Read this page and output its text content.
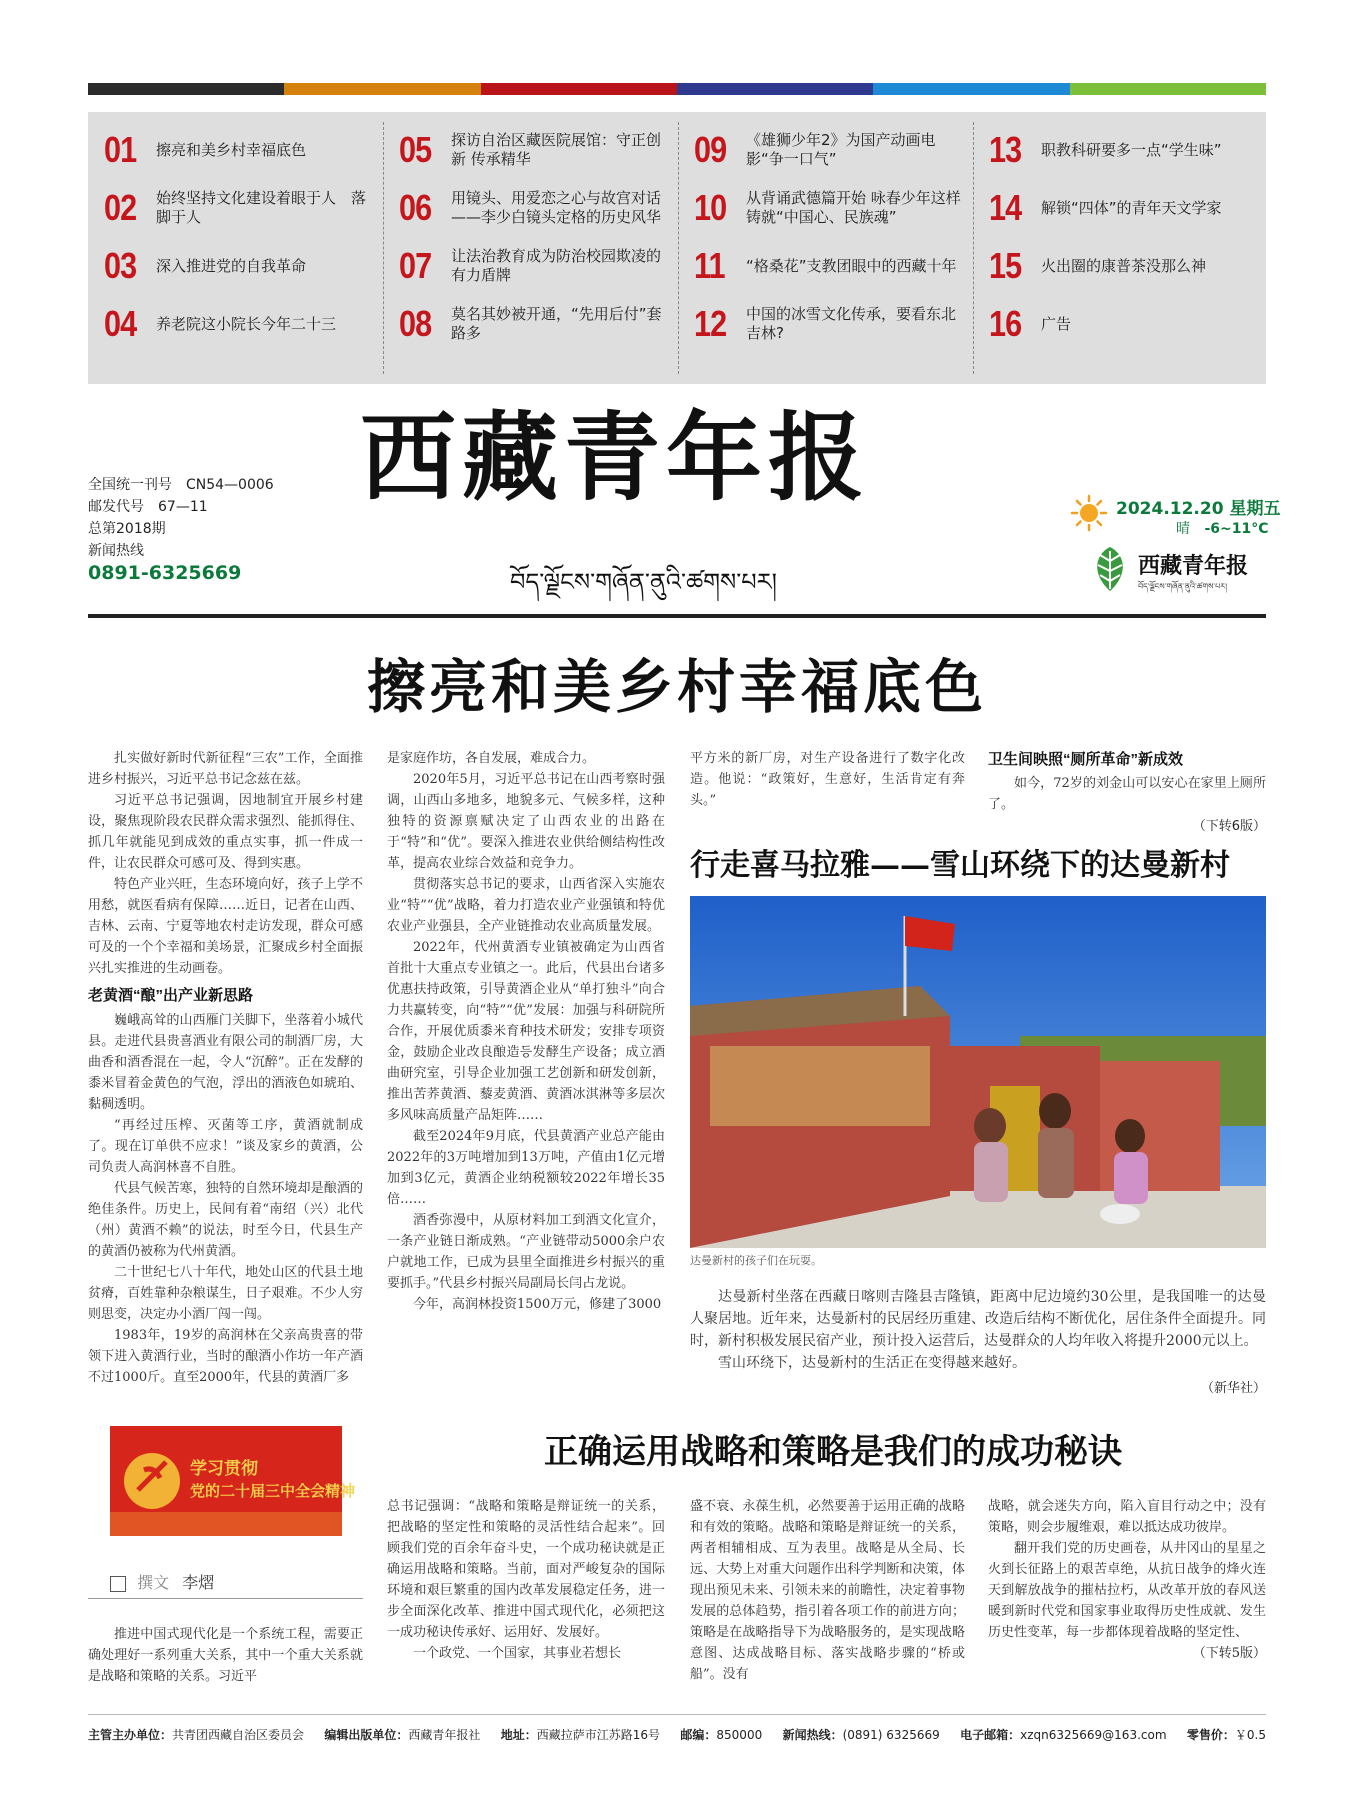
01	擦亮和美乡村幸福底色
02	始终坚持文化建设着眼于人　落脚于人
03	深入推进党的自我革命
04	养老院这小院长今年二十三
05	探访自治区藏医院展馆：守正创新 传承精华
06	用镜头、用爱恋之心与故宫对话——李少白镜头定格的历史风华
07	让法治教育成为防治校园欺凌的有力盾牌
08	莫名其妙被开通，“先用后付”套路多
09	《雄狮少年2》为国产动画电影“争一口气”
10	从背诵武德篇开始 咏春少年这样铸就“中国心、民族魂”
11	“格桑花”支教团眼中的西藏十年
12	中国的冰雪文化传承，要看东北吉林?
13	职教科研要多一点“学生味”
14	解锁“四体”的青年天文学家
15	火出圈的康普茶没那么神
16	广告
全国统一刊号　CN54—0006
邮发代号　67—11
总第2018期
新闻热线
0891-6325669
西藏青年报
བོད་ལྗོངས་གཞོན་ནུའི་ཚགས་པར།
2024.12.20 星期五
晴 -6~11°C
西藏青年报
བོད་ལྗོངས་གཞོན་ནུའི་ཚགས་པར།
擦亮和美乡村幸福底色

扎实做好新时代新征程“三农”工作，全面推进乡村振兴，习近平总书记念兹在兹。

习近平总书记强调，因地制宜开展乡村建设，聚焦现阶段农民群众需求强烈、能抓得住、抓几年就能见到成效的重点实事，抓一件成一件，让农民群众可感可及、得到实惠。

特色产业兴旺，生态环境向好，孩子上学不用愁，就医看病有保障……近日，记者在山西、吉林、云南、宁夏等地农村走访发现，群众可感可及的一个个幸福和美场景，汇聚成乡村全面振兴扎实推进的生动画卷。

老黄酒“酿”出产业新思路

巍峨高耸的山西雁门关脚下，坐落着小城代县。走进代县贵喜酒业有限公司的制酒厂房，大曲香和酒香混在一起，令人“沉醉”。正在发酵的黍米冒着金黄色的气泡，浮出的酒液色如琥珀、黏稠透明。

“再经过压榨、灭菌等工序，黄酒就制成了。现在订单供不应求！”谈及家乡的黄酒，公司负责人高润林喜不自胜。

代县气候苦寒，独特的自然环境却是酿酒的绝佳条件。历史上，民间有着“南绍（兴）北代（州）黄酒不赖”的说法，时至今日，代县生产的黄酒仍被称为代州黄酒。

二十世纪七八十年代，地处山区的代县土地贫瘠，百姓靠种杂粮谋生，日子艰难。不少人穷则思变，决定办小酒厂闯一闯。

1983年，19岁的高润林在父亲高贵喜的带领下进入黄酒行业，当时的酿酒小作坊一年产酒不过1000斤。直至2000年，代县的黄酒厂多

是家庭作坊，各自发展，难成合力。

2020年5月，习近平总书记在山西考察时强调，山西山多地多，地貌多元、气候多样，这种独特的资源禀赋决定了山西农业的出路在于“特”和“优”。要深入推进农业供给侧结构性改革，提高农业综合效益和竞争力。

贯彻落实总书记的要求，山西省深入实施农业“特”“优”战略，着力打造农业产业强镇和特优农业产业强县，全产业链推动农业高质量发展。

2022年，代州黄酒专业镇被确定为山西省首批十大重点专业镇之一。此后，代县出台诸多优惠扶持政策，引导黄酒企业从“单打独斗”向合力共赢转变，向“特”“优”发展：加强与科研院所合作，开展优质黍米育种技术研发；安排专项资金，鼓励企业改良酿造등发酵生产设备；成立酒曲研究室，引导企业加强工艺创新和研发创新，推出苦荞黄酒、藜麦黄酒、黄酒冰淇淋等多层次多风味高质量产品矩阵……

截至2024年9月底，代县黄酒产业总产能由2022年的3万吨增加到13万吨，产值由1亿元增加到3亿元，黄酒企业纳税额较2022年增长35倍……

酒香弥漫中，从原材料加工到酒文化宣介，一条产业链日渐成熟。“产业链带动5000余户农户就地工作，已成为县里全面推进乡村振兴的重要抓手。”代县乡村振兴局副局长闫占龙说。

今年，高润林投资1500万元，修建了3000

平方米的新厂房，对生产设备进行了数字化改造。他说：“政策好，生意好，生活肯定有奔头。”

卫生间映照“厕所革命”新成效

如今，72岁的刘金山可以安心在家里上厕所了。

（下转6版）
行走喜马拉雅——雪山环绕下的达曼新村
达曼新村的孩子们在玩耍。

达曼新村坐落在西藏日喀则吉隆县吉隆镇，距离中尼边境约30公里，是我国唯一的达曼人聚居地。近年来，达曼新村的民居经历重建、改造后结构不断优化，居住条件全面提升。同时，新村积极发展民宿产业，预计投入运营后，达曼群众的人均年收入将提升2000元以上。

雪山环绕下，达曼新村的生活正在变得越来越好。

（新华社）
学习贯彻
党的二十届三中全会精神
撰文 李熠
正确运用战略和策略是我们的成功秘诀

推进中国式现代化是一个系统工程，需要正确处理好一系列重大关系，其中一个重大关系就是战略和策略的关系。习近平

总书记强调：“战略和策略是辩证统一的关系，把战略的坚定性和策略的灵活性结合起来”。回顾我们党的百余年奋斗史，一个成功秘诀就是正确运用战略和策略。当前，面对严峻复杂的国际环境和艰巨繁重的国内改革发展稳定任务，进一步全面深化改革、推进中国式现代化，必须把这一成功秘诀传承好、运用好、发展好。

一个政党、一个国家，其事业若想长

盛不衰、永葆生机，必然要善于运用正确的战略和有效的策略。战略和策略是辩证统一的关系，两者相辅相成、互为表里。战略是从全局、长远、大势上对重大问题作出科学判断和决策，体现出预见未来、引领未来的前瞻性，决定着事物发展的总体趋势，指引着各项工作的前进方向；策略是在战略指导下为战略服务的，是实现战略意图、达成战略目标、落实战略步骤的“桥或船”。没有

战略，就会迷失方向，陷入盲目行动之中；没有策略，则会步履维艰，难以抵达成功彼岸。

翻开我们党的历史画卷，从井冈山的星星之火到长征路上的艰苦卓绝，从抗日战争的烽火连天到解放战争的摧枯拉朽，从改革开放的春风送暖到新时代党和国家事业取得历史性成就、发生历史性变革，每一步都体现着战略的坚定性、

（下转5版）
主管主办单位：共青团西藏自治区委员会 编辑出版单位：西藏青年报社 地址：西藏拉萨市江苏路16号 邮编：850000 新闻热线：(0891) 6325669 电子邮箱：xzqn6325669@163.com 零售价：￥0.5
